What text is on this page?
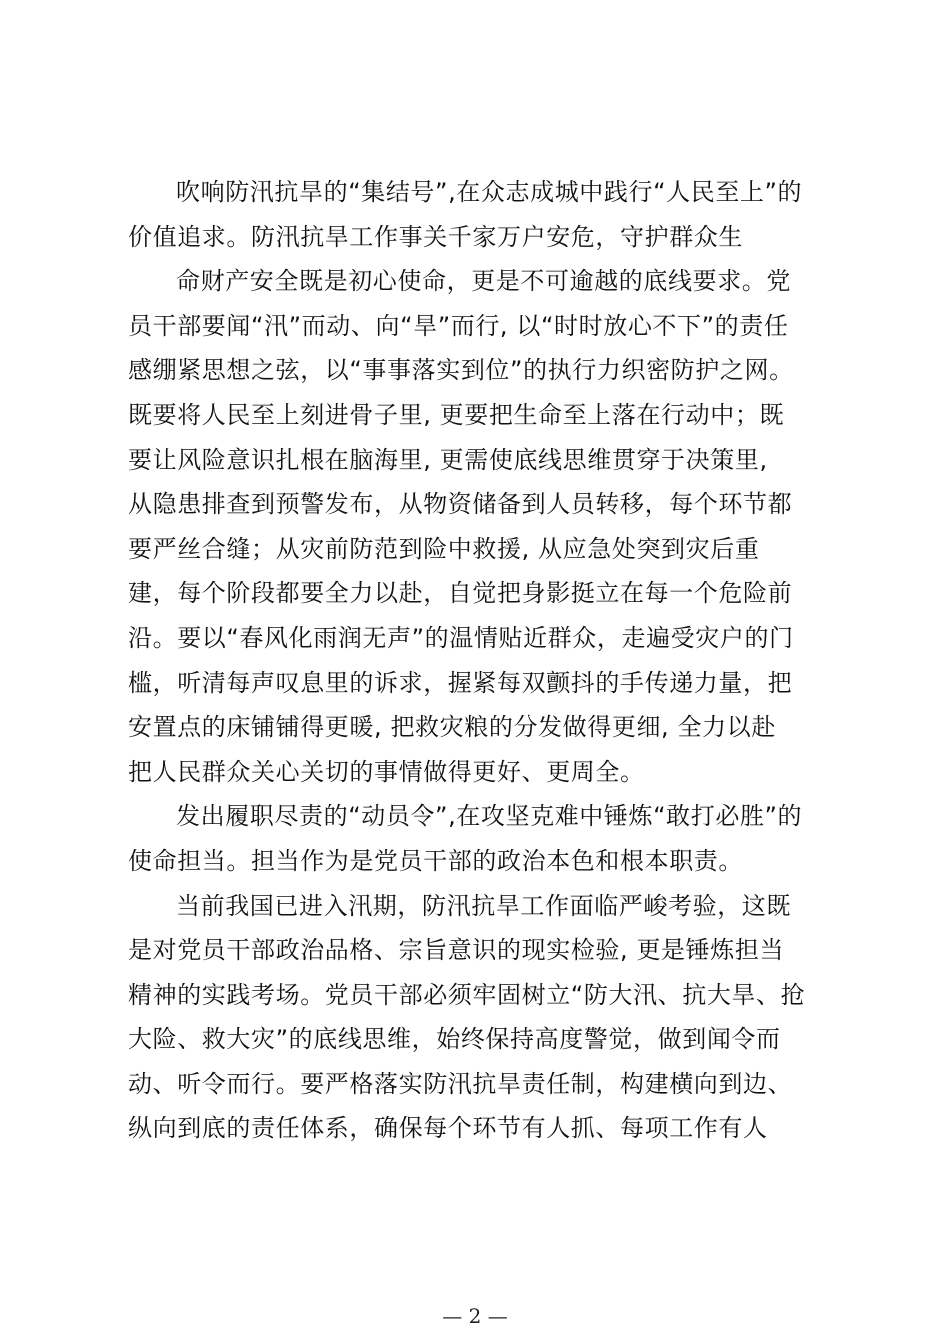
吹响防汛抗旱的“集结号”,在众志成城中践行“人民至上”的
价值追求。防汛抗旱工作事关千家万户安危，守护群众生
命财产安全既是初心使命，更是不可逾越的底线要求。党
员干部要闻“汛”而动、向“旱”而行, 以“时时放心不下”的责任
感绷紧思想之弦，以“事事落实到位”的执行力织密防护之网。
既要将人民至上刻进骨子里, 更要把生命至上落在行动中；既
要让风险意识扎根在脑海里, 更需使底线思维贯穿于决策里,
从隐患排查到预警发布，从物资储备到人员转移，每个环节都
要严丝合缝；从灾前防范到险中救援, 从应急处突到灾后重
建，每个阶段都要全力以赴，自觉把身影挺立在每一个危险前
沿。要以“春风化雨润无声”的温情贴近群众，走遍受灾户的门
槛，听清每声叹息里的诉求，握紧每双颤抖的手传递力量，把
安置点的床铺铺得更暖, 把救灾粮的分发做得更细, 全力以赴
把人民群众关心关切的事情做得更好、更周全。
发出履职尽责的“动员令”,在攻坚克难中锤炼“敢打必胜”的
使命担当。担当作为是党员干部的政治本色和根本职责。
当前我国已进入汛期，防汛抗旱工作面临严峻考验，这既
是对党员干部政治品格、宗旨意识的现实检验, 更是锤炼担当
精神的实践考场。党员干部必须牢固树立“防大汛、抗大旱、抢
大险、救大灾”的底线思维，始终保持高度警觉，做到闻令而
动、听令而行。要严格落实防汛抗旱责任制，构建横向到边、
纵向到底的责任体系，确保每个环节有人抓、每项工作有人
— 2 —
